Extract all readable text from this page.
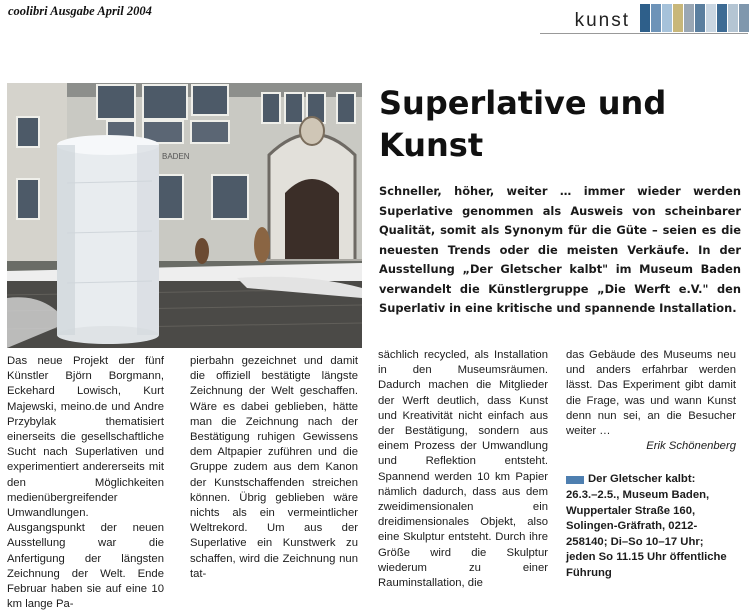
coolibri Ausgabe April 2004	kunst
BADEN
Superlative und
Kunst

Schneller, höher, weiter … immer wieder werden Superlative genommen als Ausweis von scheinbarer Qualität, somit als Synonym für die Güte – seien es die neuesten Trends oder die meisten Verkäufe. In der Ausstellung „Der Gletscher kalbt" im Museum Baden verwandelt die Künstlergruppe „Die Werft e.V." den Superlativ in eine kritische und spannende Installation.

Das neue Projekt der fünf Künstler Björn Borgmann, Eckehard Lowisch, Kurt Majewski, meino.de und Andre Przybylak thematisiert einerseits die gesellschaftliche Sucht nach Superlativen und experimentiert andererseits mit den Möglichkeiten medienübergreifender Umwandlungen. Ausgangspunkt der neuen Ausstellung war die Anfertigung der längsten Zeichnung der Welt. Ende Februar haben sie auf eine 10 km lange Pa-

pierbahn gezeichnet und damit die offiziell bestätigte längste Zeichnung der Welt geschaffen. Wäre es dabei geblieben, hätte man die Zeichnung nach der Bestätigung ruhigen Gewissens dem Altpapier zuführen und die Gruppe zudem aus dem Kanon der Kunstschaffenden streichen können. Übrig geblieben wäre nichts als ein vermeintlicher Weltrekord. Um aus der Superlative ein Kunstwerk zu schaffen, wird die Zeichnung nun tat-

sächlich recycled, als Installation in den Museumsräumen. Dadurch machen die Mitglieder der Werft deutlich, dass Kunst und Kreativität nicht einfach aus der Bestätigung, sondern aus einem Prozess der Umwandlung und Reflektion entsteht. Spannend werden 10 km Papier nämlich dadurch, dass aus dem zweidimensionalen ein dreidimensionales Objekt, also eine Skulptur entsteht. Durch ihre Größe wird die Skulptur wiederum zu einer Rauminstallation, die

das Gebäude des Museums neu und anders erfahrbar werden lässt. Das Experiment gibt damit die Frage, was und wann Kunst denn nun sei, an die Besucher weiter …

Erik Schönenberg

Der Gletscher kalbt:
26.3.–2.5., Museum Baden, Wuppertaler Straße 160, Solingen-Gräfrath, 0212-258140; Di–So 10–17 Uhr; jeden So 11.15 Uhr öffentliche Führung
